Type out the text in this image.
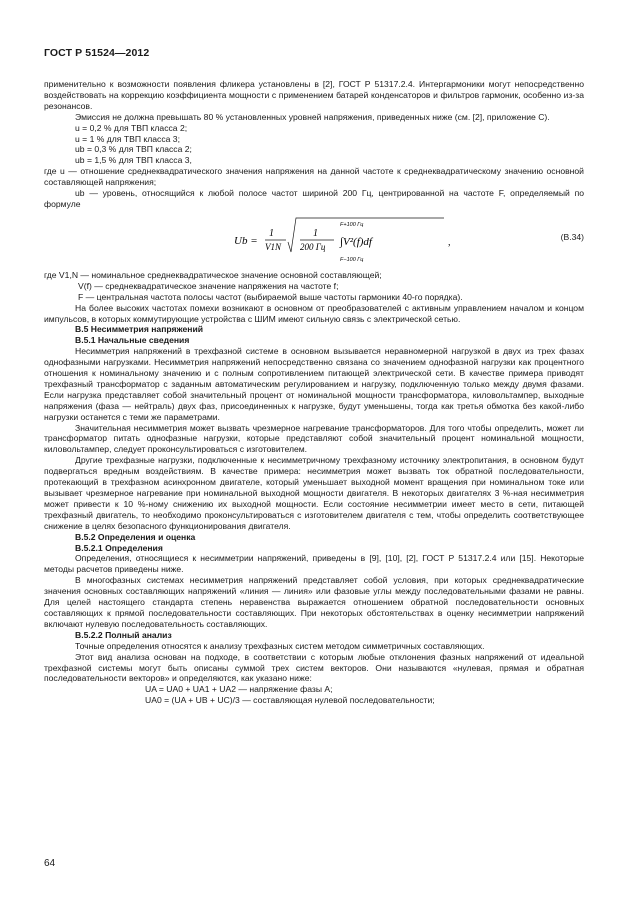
ГОСТ Р 51524—2012

применительно к возможности появления фликера установлены в [2], ГОСТ Р 51317.2.4. Интергармоники могут непосредственно воздействовать на коррекцию коэффициента мощности с применением батарей конденсаторов и фильтров гармоник, особенно из-за резонансов.

Эмиссия не должна превышать 80 % установленных уровней напряжения, приведенных ниже (см. [2], приложение С).

u = 0,2 % для ТВП класса 2;

u = 1 % для ТВП класса 3;

ub = 0,3 % для ТВП класса 2;

ub = 1,5 % для ТВП класса 3,

где u — отношение среднеквадратического значения напряжения на данной частоте к среднеквадратическому значению основной составляющей напряжения;

ub — уровень, относящийся к любой полосе частот шириной 200 Гц, центрированной на частоте F, определяемый по формуле

Ub =
1
V1N
1
200 Гц
F+100 Гц
∫V²(f)df
F−100 Гц
,	(В.34)

где V1,N — номинальное среднеквадратическое значение основной составляющей;

V(f) — среднеквадратическое значение напряжения на частоте f;

F — центральная частота полосы частот (выбираемой выше частоты гармоники 40-го порядка).

На более высоких частотах помехи возникают в основном от преобразователей с активным управлением началом и концом импульсов, в которых коммутирующие устройства с ШИМ имеют сильную связь с электрической сетью.

В.5 Несимметрия напряжений

В.5.1 Начальные сведения

Несимметрия напряжений в трехфазной системе в основном вызывается неравномерной нагрузкой в двух из трех фазах однофазными нагрузками. Несимметрия напряжений непосредственно связана со значением однофазной нагрузки как процентного отношения к номинальному значению и с полным сопротивлением питающей электрической сети. В качестве примера приводят трехфазный трансформатор с заданным автоматическим регулированием и нагрузку, подключенную только между двумя фазами. Если нагрузка представляет собой значительный процент от номинальной мощности трансформатора, киловольтампер, выходные напряжения (фаза — нейтраль) двух фаз, присоединенных к нагрузке, будут уменьшены, тогда как третья обмотка без какой-либо нагрузки останется с теми же параметрами.

Значительная несимметрия может вызвать чрезмерное нагревание трансформаторов. Для того чтобы определить, может ли трансформатор питать однофазные нагрузки, которые представляют собой значительный процент номинальной мощности, киловольтампер, следует проконсультироваться с изготовителем.

Другие трехфазные нагрузки, подключенные к несимметричному трехфазному источнику электропитания, в основном будут подвергаться вредным воздействиям. В качестве примера: несимметрия может вызвать ток обратной последовательности, протекающий в трехфазном асинхронном двигателе, который уменьшает выходной момент вращения при номинальном токе или вызывает чрезмерное нагревание при номинальной выходной мощности двигателя. В некоторых двигателях 3 %-ная несимметрия может привести к 10 %-ному снижению их выходной мощности. Если состояние несимметрии имеет место в сети, питающей трехфазный двигатель, то необходимо проконсультироваться с изготовителем двигателя с тем, чтобы определить соответствующее снижение в целях безопасного функционирования двигателя.

В.5.2 Определения и оценка

В.5.2.1 Определения

Определения, относящиеся к несимметрии напряжений, приведены в [9], [10], [2], ГОСТ Р 51317.2.4 или [15]. Некоторые методы расчетов приведены ниже.

В многофазных системах несимметрия напряжений представляет собой условия, при которых среднеквадратические значения основных составляющих напряжений «линия — линия» или фазовые углы между последовательными фазами не равны. Для целей настоящего стандарта степень неравенства выражается отношением обратной последовательности основных составляющих к прямой последовательности составляющих. При некоторых обстоятельствах в оценку несимметрии напряжений включают нулевую последовательность составляющих.

В.5.2.2 Полный анализ

Точные определения относятся к анализу трехфазных систем методом симметричных составляющих.

Этот вид анализа основан на подходе, в соответствии с которым любые отклонения фазных напряжений от идеальной трехфазной системы могут быть описаны суммой трех систем векторов. Они называются «нулевая, прямая и обратная последовательности векторов» и определяются, как указано ниже:

UA = UA0 + UA1 + UA2 — напряжение фазы А;

UA0 = (UA + UB + UC)/3 — составляющая нулевой последовательности;

64
